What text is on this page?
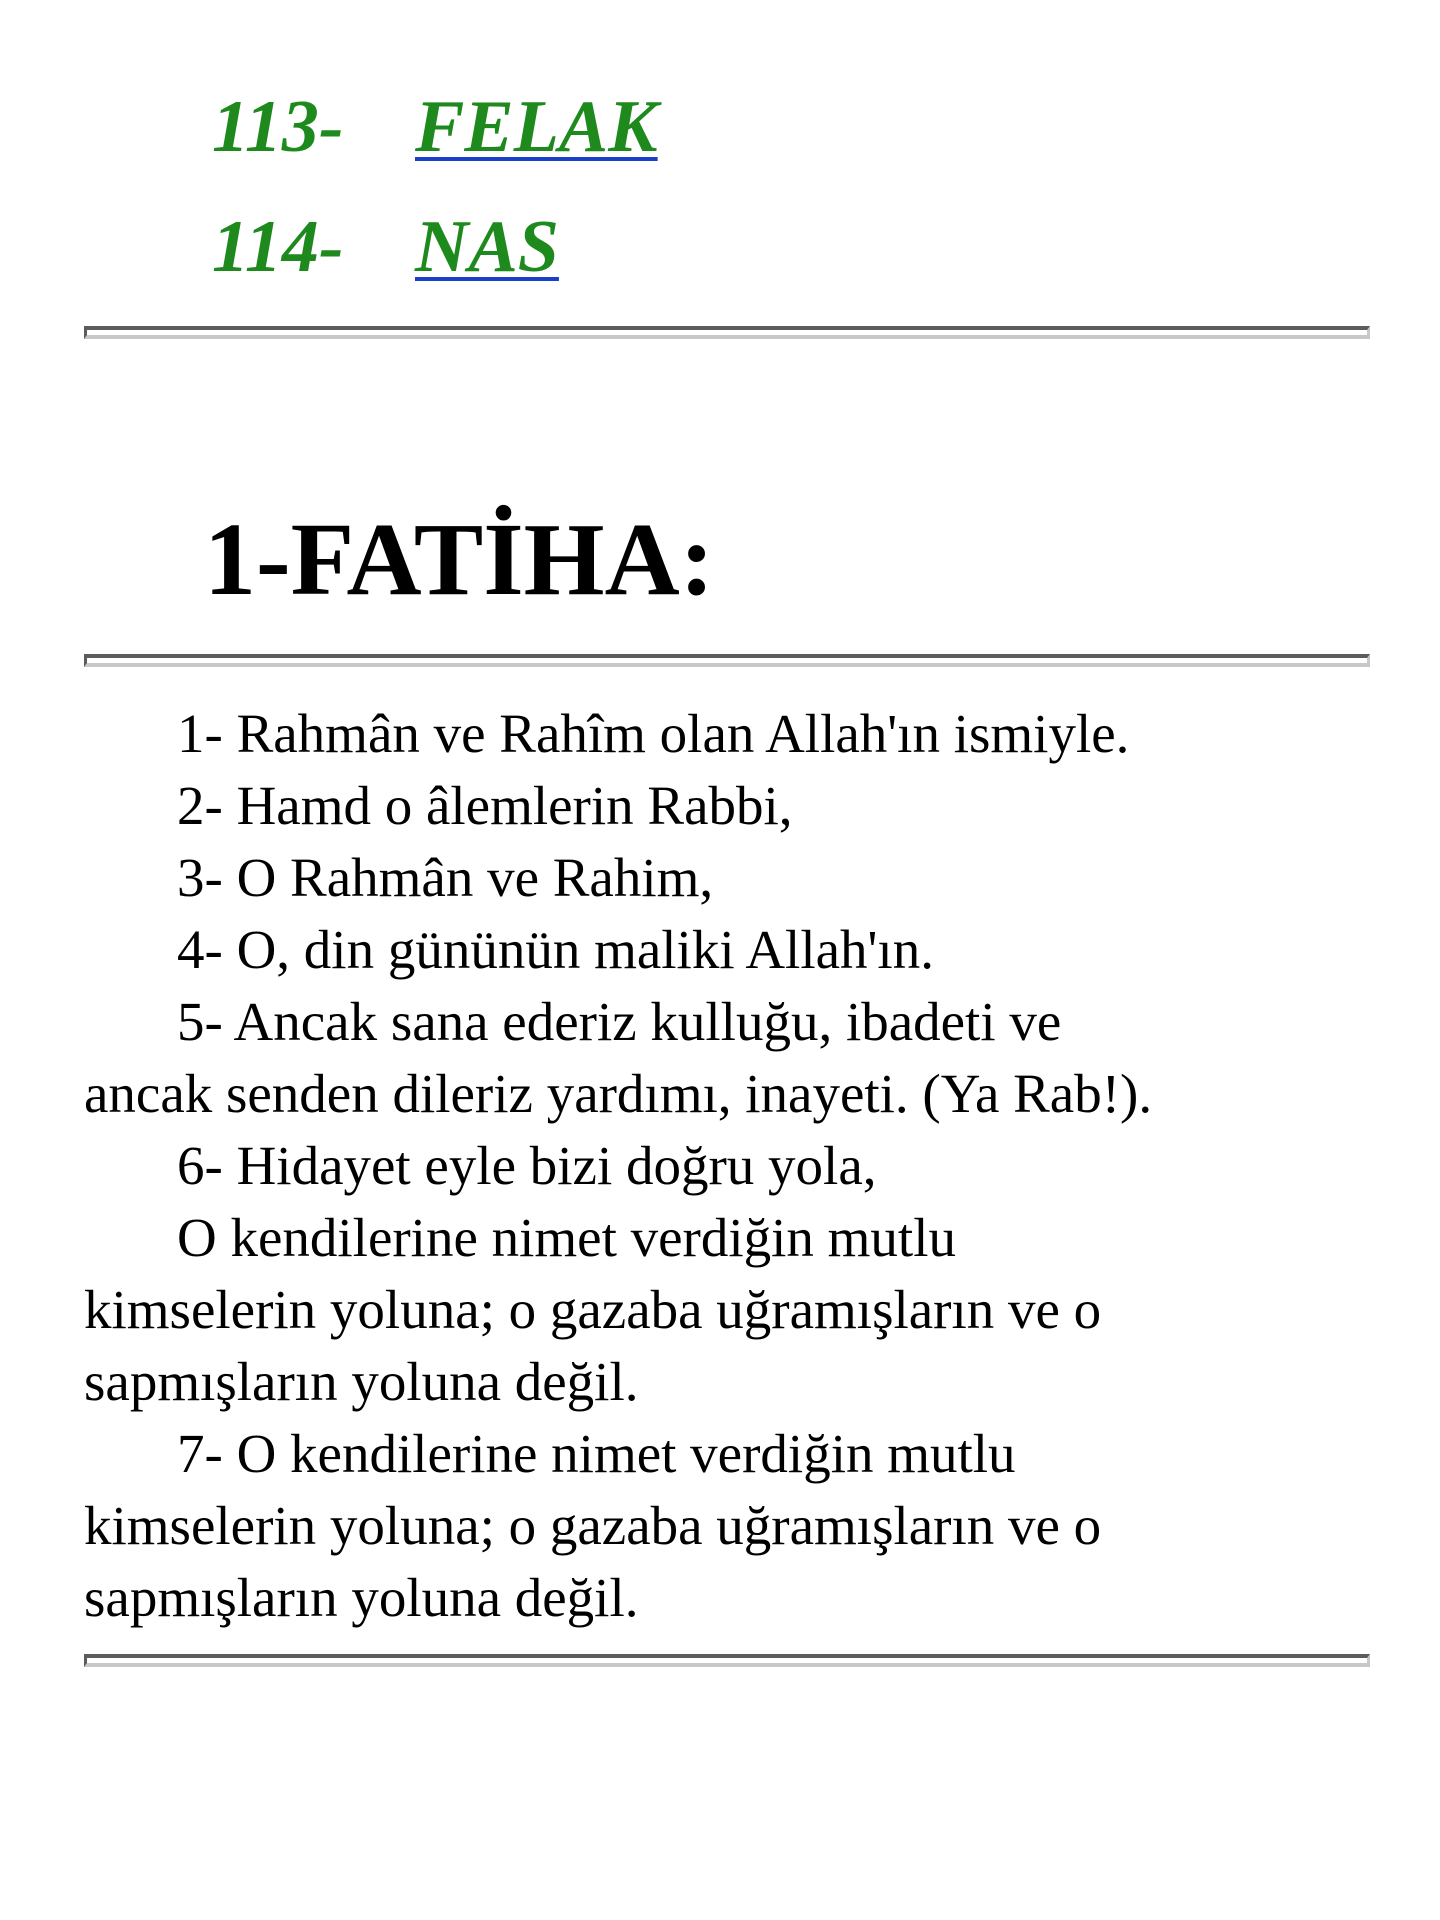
113- FELAK
114- NAS
1-FATİHA:

1- Rahmân ve Rahîm olan Allah'ın ismiyle.

2- Hamd o âlemlerin Rabbi,

3- O Rahmân ve Rahim,

4- O, din gününün maliki Allah'ın.

5- Ancak sana ederiz kulluğu, ibadeti ve
ancak senden dileriz yardımı, inayeti. (Ya Rab!).

6- Hidayet eyle bizi doğru yola,

O kendilerine nimet verdiğin mutlu
kimselerin yoluna; o gazaba uğramışların ve o
sapmışların yoluna değil.

7- O kendilerine nimet verdiğin mutlu
kimselerin yoluna; o gazaba uğramışların ve o
sapmışların yoluna değil.
